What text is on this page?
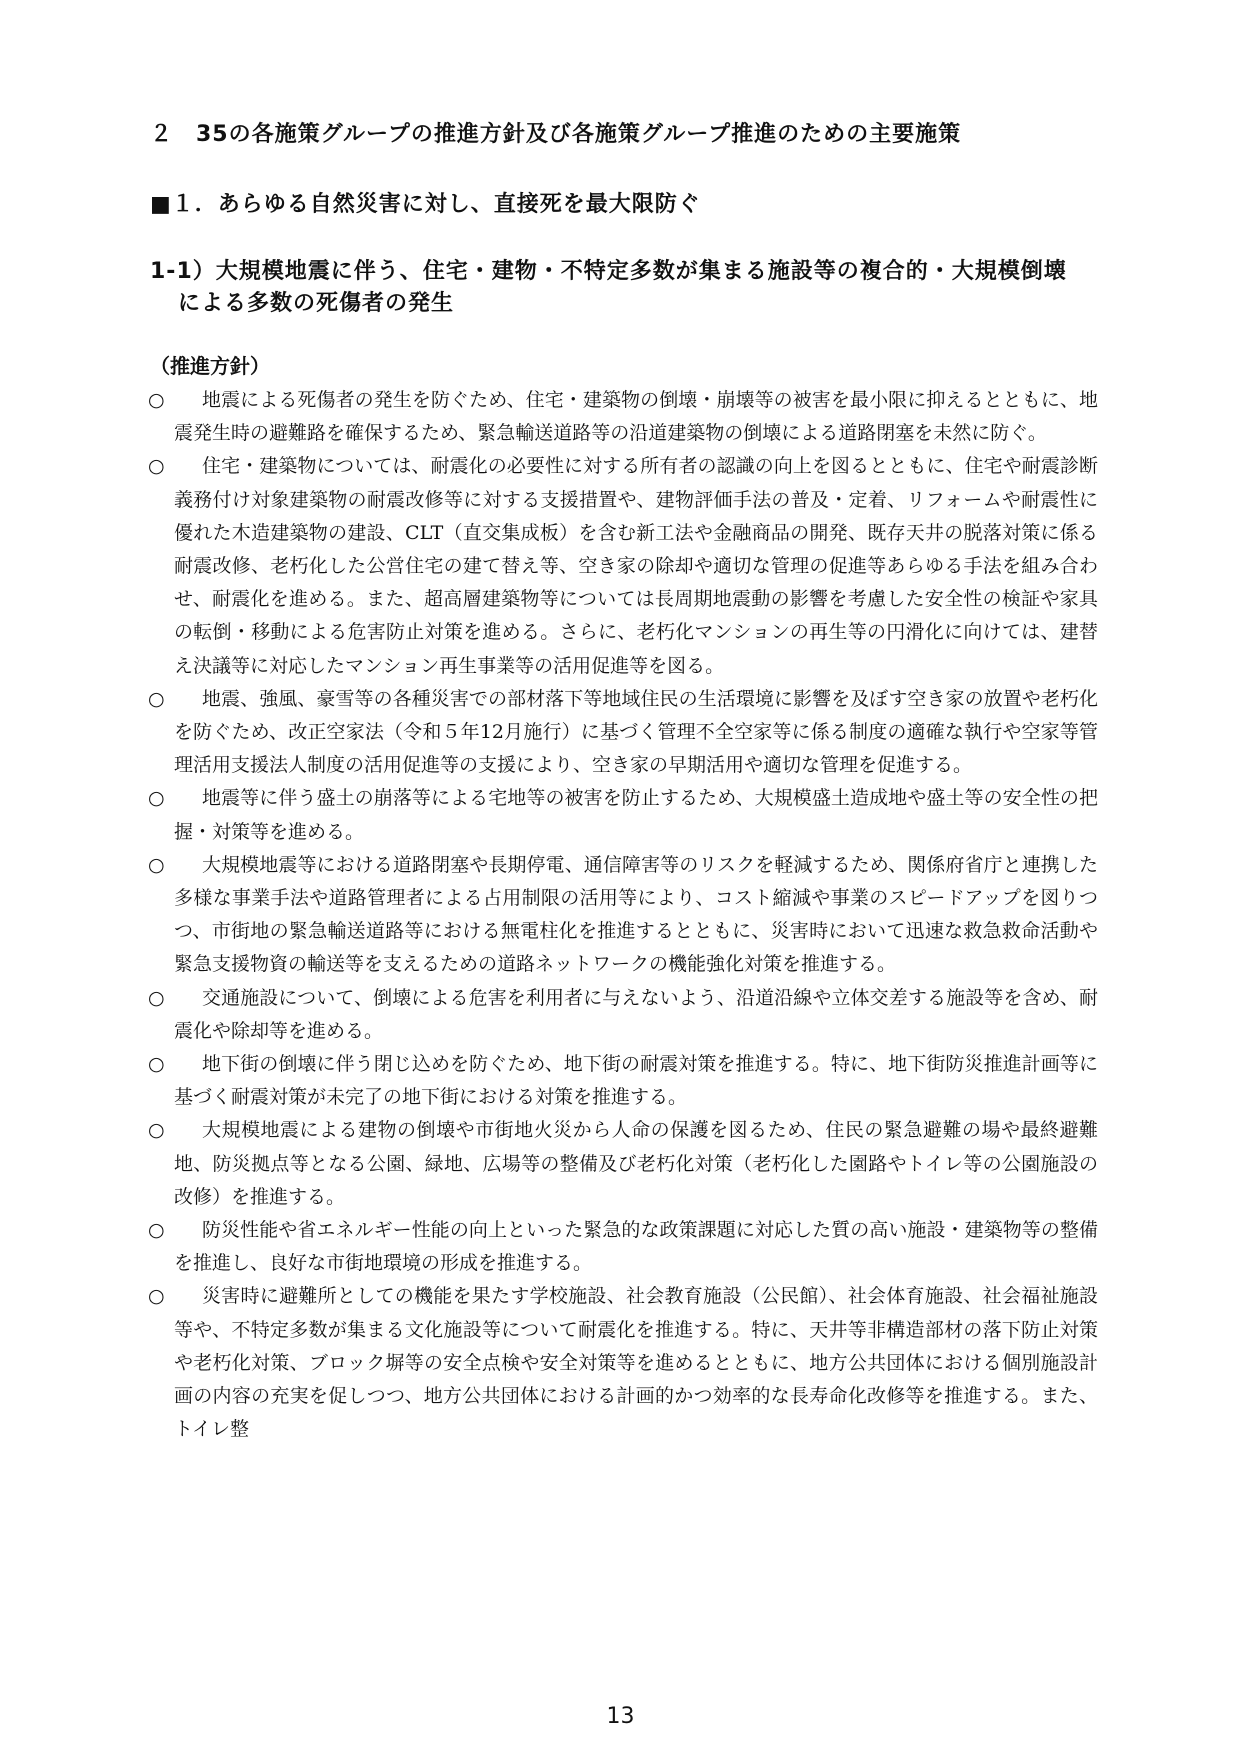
２　35の各施策グループの推進方針及び各施策グループ推進のための主要施策
■１．あらゆる自然災害に対し、直接死を最大限防ぐ
1-1）大規模地震に伴う、住宅・建物・不特定多数が集まる施設等の複合的・大規模倒壊
による多数の死傷者の発生
（推進方針）
○	地震による死傷者の発生を防ぐため、住宅・建築物の倒壊・崩壊等の被害を最小限に抑えるとともに、地震発生時の避難路を確保するため、緊急輸送道路等の沿道建築物の倒壊による道路閉塞を未然に防ぐ。
○	住宅・建築物については、耐震化の必要性に対する所有者の認識の向上を図るとともに、住宅や耐震診断義務付け対象建築物の耐震改修等に対する支援措置や、建物評価手法の普及・定着、リフォームや耐震性に優れた木造建築物の建設、CLT（直交集成板）を含む新工法や金融商品の開発、既存天井の脱落対策に係る耐震改修、老朽化した公営住宅の建て替え等、空き家の除却や適切な管理の促進等あらゆる手法を組み合わせ、耐震化を進める。また、超高層建築物等については長周期地震動の影響を考慮した安全性の検証や家具の転倒・移動による危害防止対策を進める。さらに、老朽化マンションの再生等の円滑化に向けては、建替え決議等に対応したマンション再生事業等の活用促進等を図る。
○	地震、強風、豪雪等の各種災害での部材落下等地域住民の生活環境に影響を及ぼす空き家の放置や老朽化を防ぐため、改正空家法（令和５年12月施行）に基づく管理不全空家等に係る制度の適確な執行や空家等管理活用支援法人制度の活用促進等の支援により、空き家の早期活用や適切な管理を促進する。
○	地震等に伴う盛土の崩落等による宅地等の被害を防止するため、大規模盛土造成地や盛土等の安全性の把握・対策等を進める。
○	大規模地震等における道路閉塞や長期停電、通信障害等のリスクを軽減するため、関係府省庁と連携した多様な事業手法や道路管理者による占用制限の活用等により、コスト縮減や事業のスピードアップを図りつつ、市街地の緊急輸送道路等における無電柱化を推進するとともに、災害時において迅速な救急救命活動や緊急支援物資の輸送等を支えるための道路ネットワークの機能強化対策を推進する。
○	交通施設について、倒壊による危害を利用者に与えないよう、沿道沿線や立体交差する施設等を含め、耐震化や除却等を進める。
○	地下街の倒壊に伴う閉じ込めを防ぐため、地下街の耐震対策を推進する。特に、地下街防災推進計画等に基づく耐震対策が未完了の地下街における対策を推進する。
○	大規模地震による建物の倒壊や市街地火災から人命の保護を図るため、住民の緊急避難の場や最終避難地、防災拠点等となる公園、緑地、広場等の整備及び老朽化対策（老朽化した園路やトイレ等の公園施設の改修）を推進する。
○	防災性能や省エネルギー性能の向上といった緊急的な政策課題に対応した質の高い施設・建築物等の整備を推進し、良好な市街地環境の形成を推進する。
○	災害時に避難所としての機能を果たす学校施設、社会教育施設（公民館）、社会体育施設、社会福祉施設等や、不特定多数が集まる文化施設等について耐震化を推進する。特に、天井等非構造部材の落下防止対策や老朽化対策、ブロック塀等の安全点検や安全対策等を進めるとともに、地方公共団体における個別施設計画の内容の充実を促しつつ、地方公共団体における計画的かつ効率的な長寿命化改修等を推進する。また、トイレ整
13
